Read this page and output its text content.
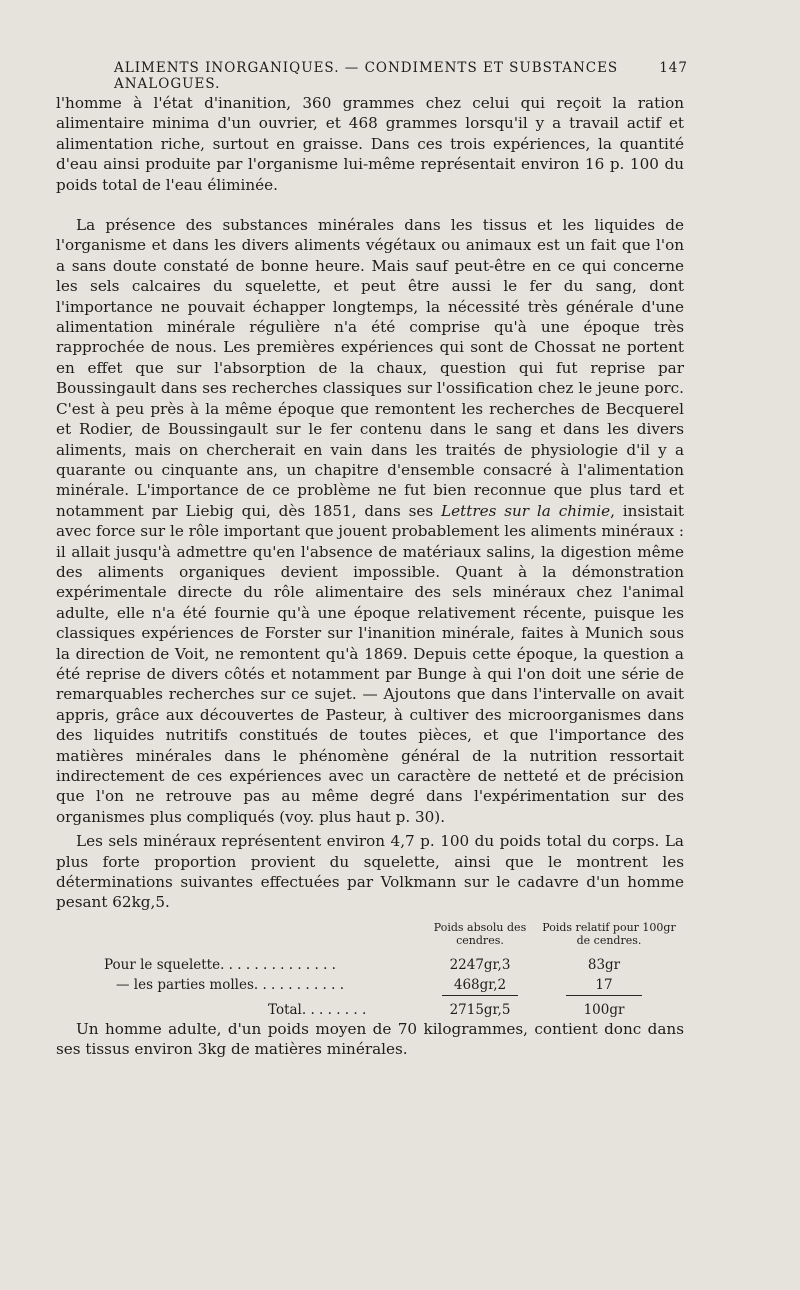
ALIMENTS INORGANIQUES. — CONDIMENTS ET SUBSTANCES ANALOGUES.
147

l'homme à l'état d'inanition, 360 grammes chez celui qui reçoit la ration alimentaire minima d'un ouvrier, et 468 grammes lorsqu'il y a travail actif et alimentation riche, surtout en graisse. Dans ces trois expériences, la quantité d'eau ainsi produite par l'organisme lui-même représentait environ 16 p. 100 du poids total de l'eau éliminée.

La présence des substances minérales dans les tissus et les liquides de l'organisme et dans les divers aliments végétaux ou animaux est un fait que l'on a sans doute constaté de bonne heure. Mais sauf peut-être en ce qui concerne les sels calcaires du squelette, et peut être aussi le fer du sang, dont l'importance ne pouvait échapper longtemps, la nécessité très générale d'une alimentation minérale régulière n'a été comprise qu'à une époque très rapprochée de nous. Les premières expériences qui sont de Chossat ne portent en effet que sur l'absorption de la chaux, question qui fut reprise par Boussingault dans ses recherches classiques sur l'ossification chez le jeune porc. C'est à peu près à la même époque que remontent les recherches de Becquerel et Rodier, de Boussingault sur le fer contenu dans le sang et dans les divers aliments, mais on chercherait en vain dans les traités de physiologie d'il y a quarante ou cinquante ans, un chapitre d'ensemble consacré à l'alimentation minérale. L'importance de ce problème ne fut bien reconnue que plus tard et notamment par Liebig qui, dès 1851, dans ses Lettres sur la chimie, insistait avec force sur le rôle important que jouent probablement les aliments minéraux : il allait jusqu'à admettre qu'en l'absence de matériaux salins, la digestion même des aliments organiques devient impossible. Quant à la démonstration expérimentale directe du rôle alimentaire des sels minéraux chez l'animal adulte, elle n'a été fournie qu'à une époque relativement récente, puisque les classiques expériences de Forster sur l'inanition minérale, faites à Munich sous la direction de Voit, ne remontent qu'à 1869. Depuis cette époque, la question a été reprise de divers côtés et notamment par Bunge à qui l'on doit une série de remarquables recherches sur ce sujet. — Ajoutons que dans l'intervalle on avait appris, grâce aux découvertes de Pasteur, à cultiver des microorganismes dans des liquides nutritifs constitués de toutes pièces, et que l'importance des matières minérales dans le phénomène général de la nutrition ressortait indirectement de ces expériences avec un caractère de netteté et de précision que l'on ne retrouve pas au même degré dans l'expérimentation sur des organismes plus compliqués (voy. plus haut p. 30).

Les sels minéraux représentent environ 4,7 p. 100 du poids total du corps. La plus forte proportion provient du squelette, ainsi que le montrent les déterminations suivantes effectuées par Volkmann sur le cadavre d'un homme pesant 62kg,5.

Poids absolu des cendres.
Poids relatif pour 100gr de cendres.
Pour le squelette. . . . . . . . . . . . . .	2247gr,3	83gr
— les parties molles. . . . . . . . . . .	468gr,2	17
Total. . . . . . . .	2715gr,5	100gr

Un homme adulte, d'un poids moyen de 70 kilogrammes, contient donc dans ses tissus environ 3kg de matières minérales.
